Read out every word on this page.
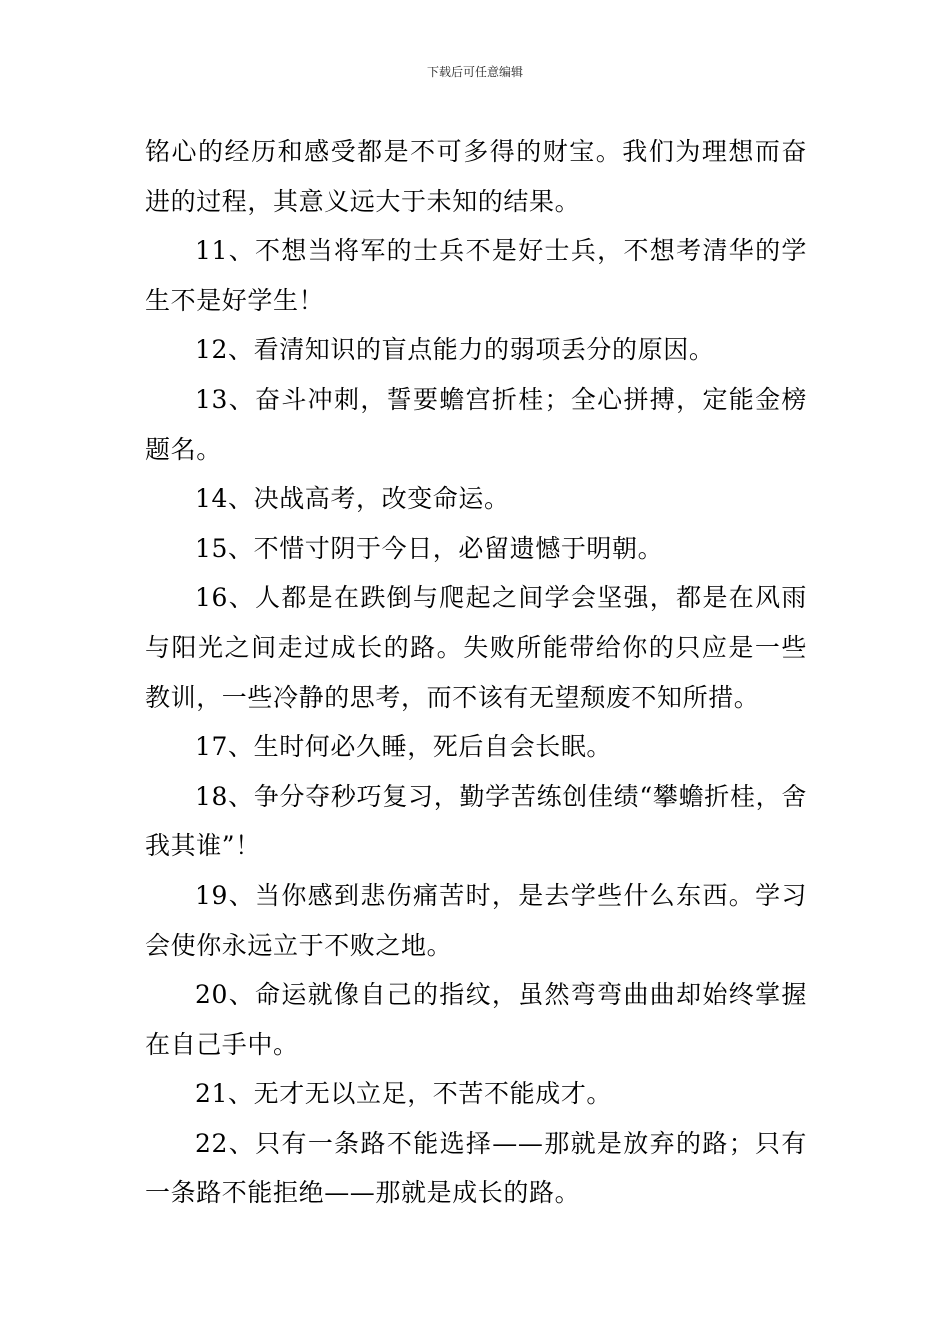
下载后可任意编辑

铭心的经历和感受都是不可多得的财宝。我们为理想而奋进的过程，其意义远大于未知的结果。

11、不想当将军的士兵不是好士兵，不想考清华的学生不是好学生！

12、看清知识的盲点能力的弱项丢分的原因。

13、奋斗冲刺，誓要蟾宫折桂；全心拼搏，定能金榜题名。

14、决战高考，改变命运。

15、不惜寸阴于今日，必留遗憾于明朝。

16、人都是在跌倒与爬起之间学会坚强，都是在风雨与阳光之间走过成长的路。失败所能带给你的只应是一些教训，一些冷静的思考，而不该有无望颓废不知所措。

17、生时何必久睡，死后自会长眠。

18、争分夺秒巧复习，勤学苦练创佳绩“攀蟾折桂，舍我其谁”！

19、当你感到悲伤痛苦时，是去学些什么东西。学习会使你永远立于不败之地。

20、命运就像自己的指纹，虽然弯弯曲曲却始终掌握在自己手中。

21、无才无以立足，不苦不能成才。

22、只有一条路不能选择——那就是放弃的路；只有一条路不能拒绝——那就是成长的路。
